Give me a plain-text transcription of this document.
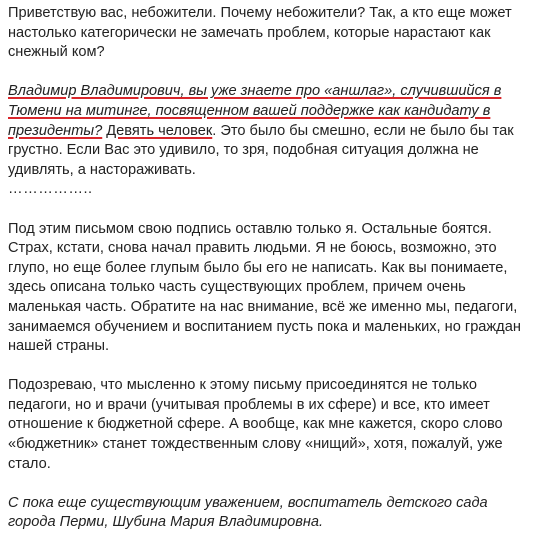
Приветствую вас, небожители. Почему небожители? Так, а кто еще может настолько категорически не замечать проблем, которые нарастают как снежный ком?

Владимир Владимирович, вы уже знаете про «аншлаг», случившийся в Тюмени на митинге, посвященном вашей поддержке как кандидату в президенты? Девять человек. Это было бы смешно, если не было бы так грустно. Если Вас это удивило, то зря, подобная ситуация должна не удивлять, а настораживать.

……………..

Под этим письмом свою подпись оставлю только я. Остальные боятся. Страх, кстати, снова начал править людьми. Я не боюсь, возможно, это глупо, но еще более глупым было бы его не написать. Как вы понимаете, здесь описана только часть существующих проблем, причем очень маленькая часть. Обратите на нас внимание, всё же именно мы, педагоги, занимаемся обучением и воспитанием пусть пока и маленьких, но граждан нашей страны.

Подозреваю, что мысленно к этому письму присоединятся не только педагоги, но и врачи (учитывая проблемы в их сфере) и все, кто имеет отношение к бюджетной сфере. А вообще, как мне кажется, скоро слово «бюджетник» станет тождественным слову «нищий», хотя, пожалуй, уже стало.

С пока еще существующим уважением, воспитатель детского сада города Перми, Шубина Мария Владимировна.
